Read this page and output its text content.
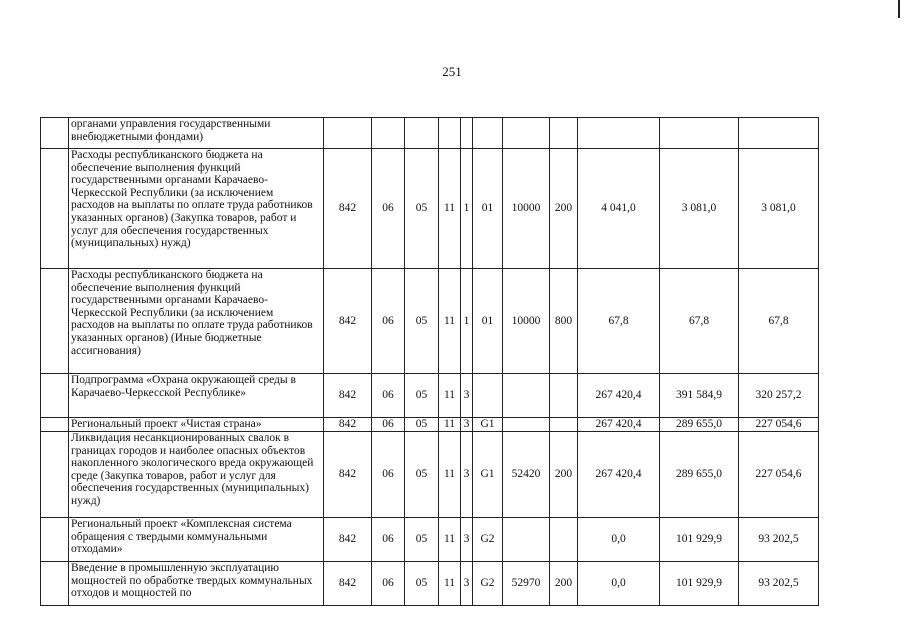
251
	органами управления государственными внебюджетными фондами)											
	Расходы республиканского бюджета на обеспечение выполнения функций государственными органами Карачаево-Черкесской Республики (за исключением расходов на выплаты по оплате труда работников указанных органов) (Закупка товаров, работ и услуг для обеспечения государственных (муниципальных) нужд)	842	06	05	11	1	01	10000	200	4 041,0	3 081,0	3 081,0
	Расходы республиканского бюджета на обеспечение выполнения функций государственными органами Карачаево-Черкесской Республики (за исключением расходов на выплаты по оплате труда работников указанных органов) (Иные бюджетные ассигнования)	842	06	05	11	1	01	10000	800	67,8	67,8	67,8
	Подпрограмма «Охрана окружающей среды в Карачаево-Черкесской Республике»	842	06	05	11	3				267 420,4	391 584,9	320 257,2
	Региональный проект «Чистая страна»	842	06	05	11	3	G1			267 420,4	289 655,0	227 054,6
	Ликвидация несанкционированных свалок в границах городов и наиболее опасных объектов накопленного экологического вреда окружающей среде (Закупка товаров, работ и услуг для обеспечения государственных (муниципальных) нужд)	842	06	05	11	3	G1	52420	200	267 420,4	289 655,0	227 054,6
	Региональный проект «Комплексная система обращения с твердыми коммунальными отходами»	842	06	05	11	3	G2			0,0	101 929,9	93 202,5
	Введение в промышленную эксплуатацию мощностей по обработке твердых коммунальных отходов и мощностей по	842	06	05	11	3	G2	52970	200	0,0	101 929,9	93 202,5
